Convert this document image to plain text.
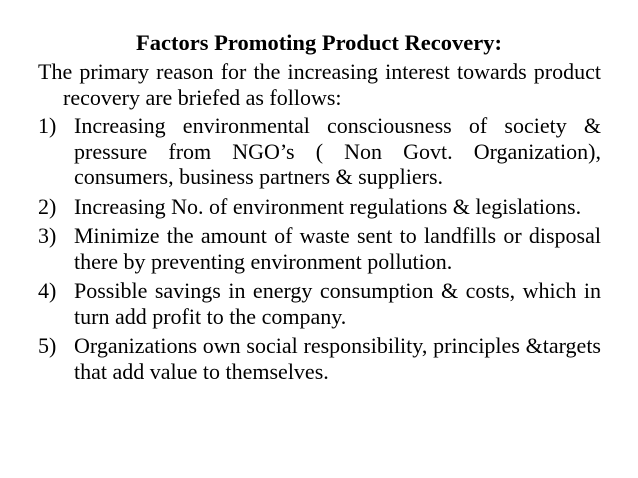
Factors Promoting Product Recovery:

The primary reason for the increasing interest towards product recovery are briefed as follows:

1) Increasing environmental consciousness of society & pressure from NGO’s ( Non Govt. Organization), consumers, business partners & suppliers.
2) Increasing No. of environment regulations & legislations.
3) Minimize the amount of waste sent to landfills or disposal there by preventing environment pollution.
4) Possible savings in energy consumption & costs, which in turn add profit to the company.
5) Organizations own social responsibility, principles &targets that add value to themselves.
